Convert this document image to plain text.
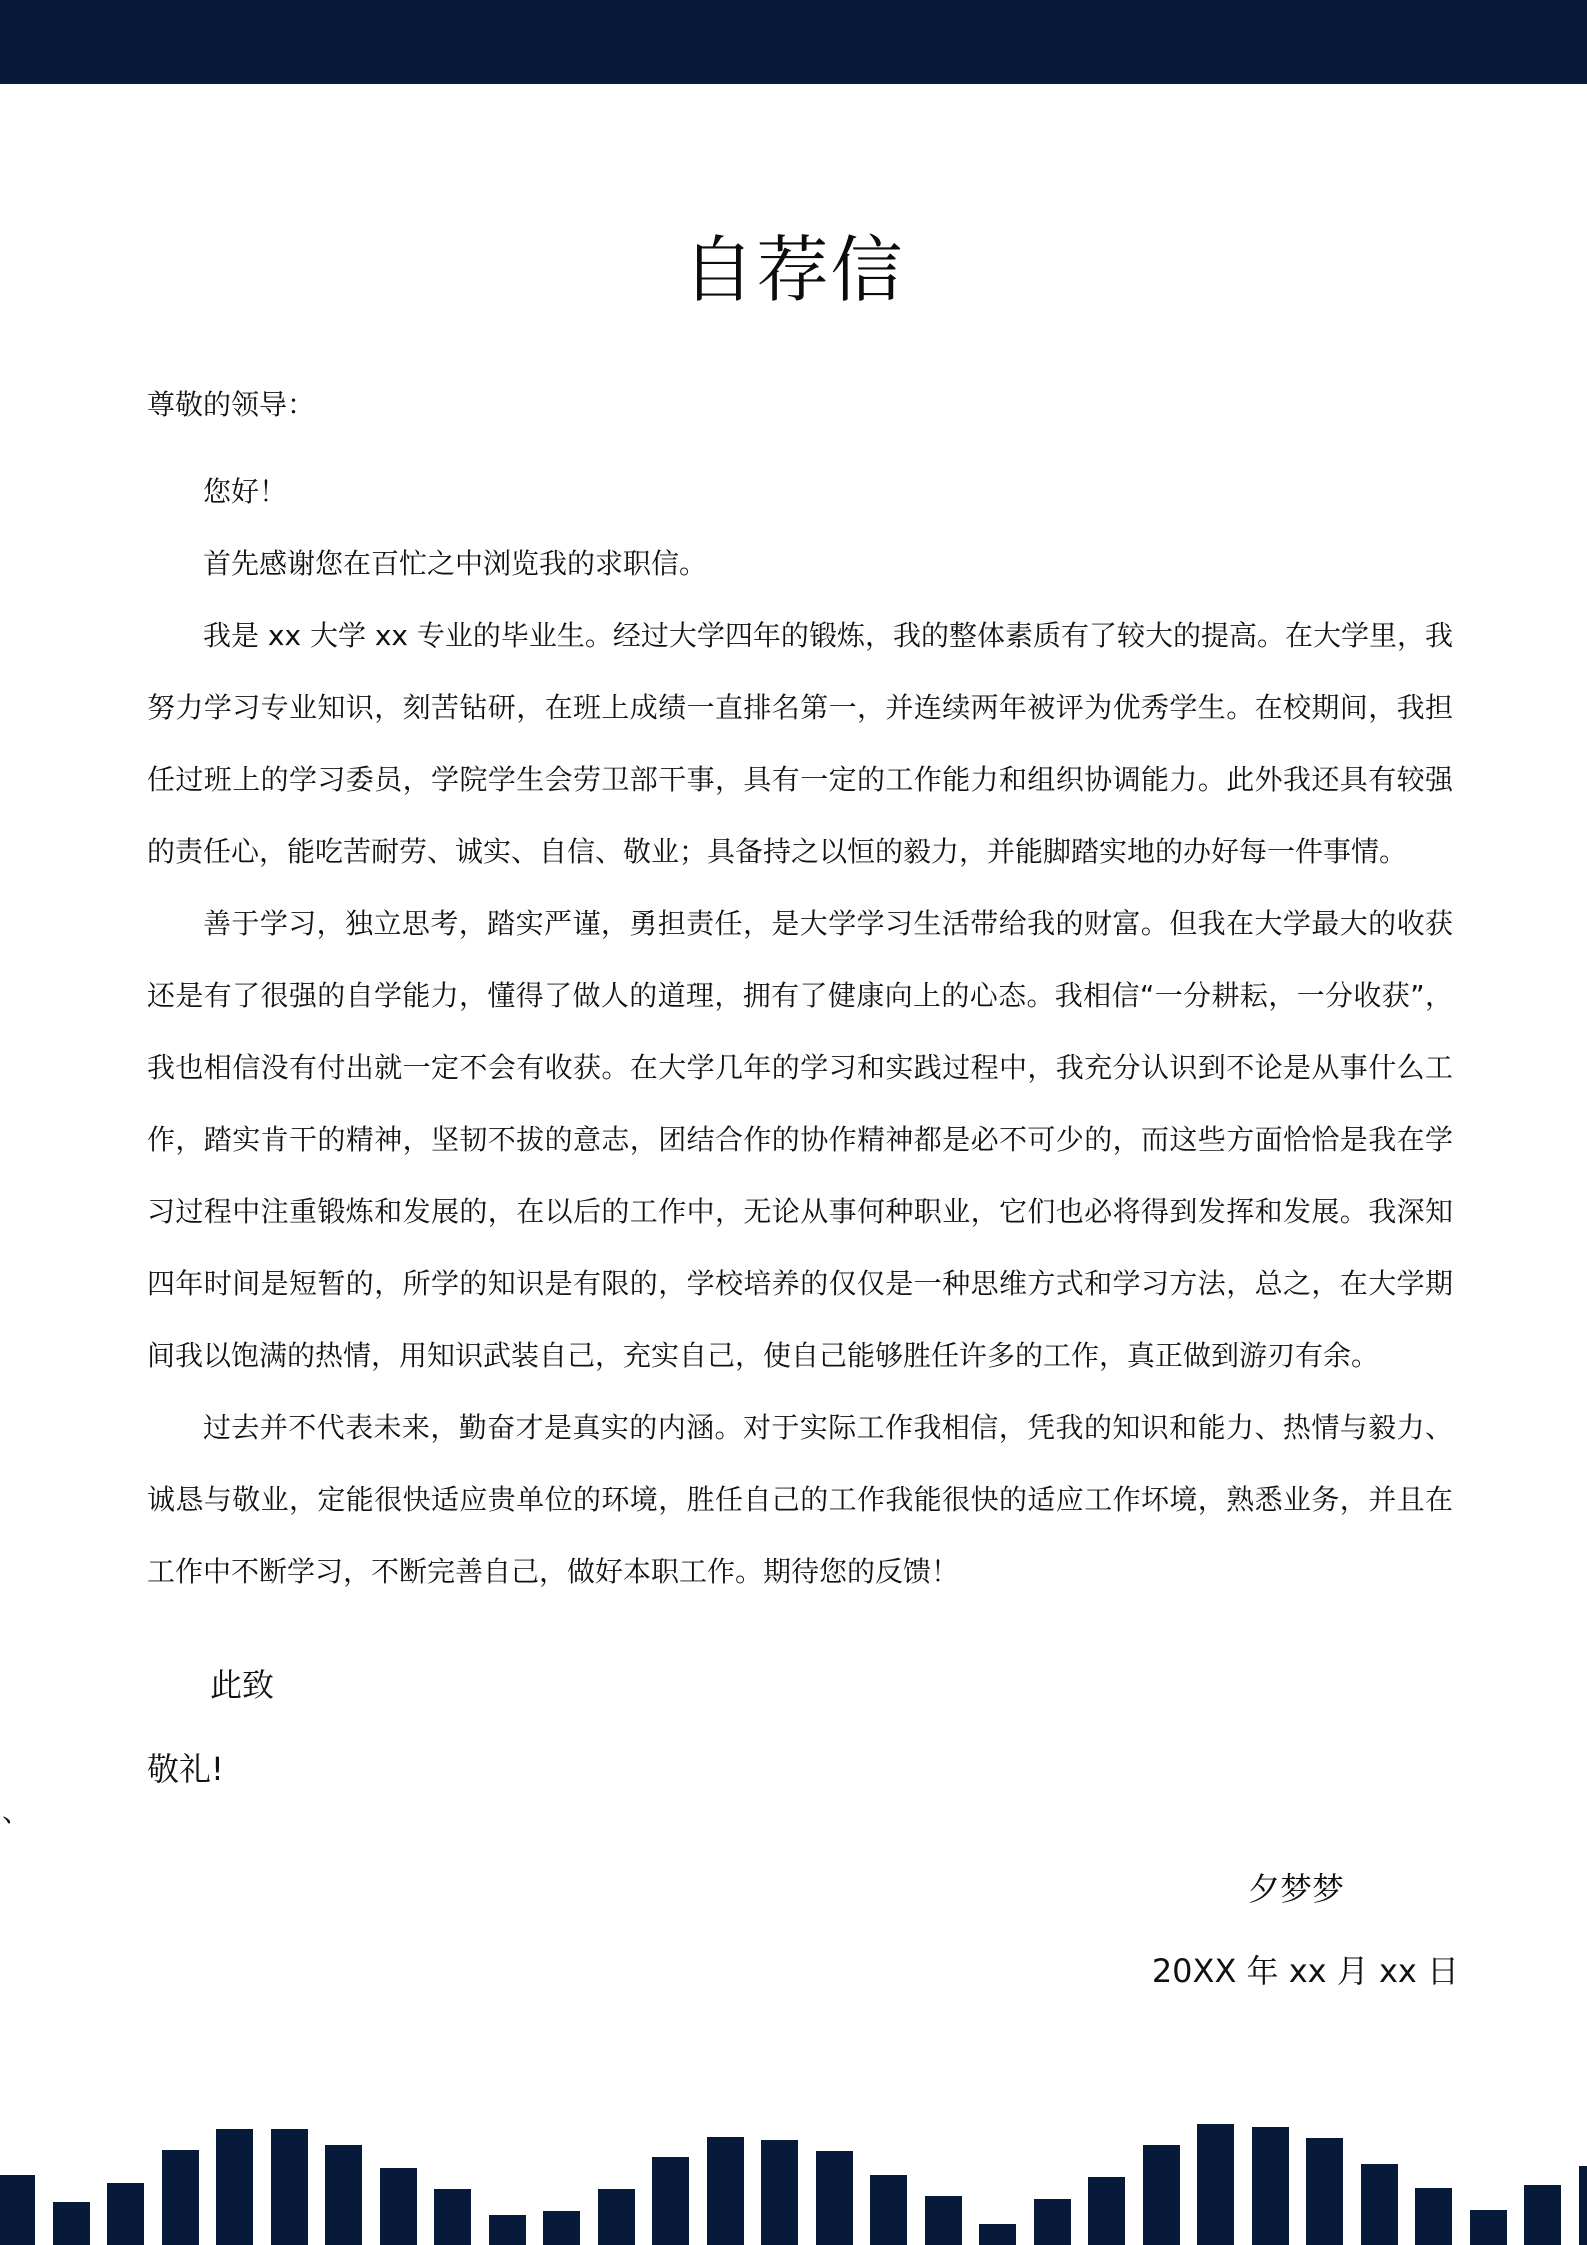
自荐信
尊敬的领导：

您好！

首先感谢您在百忙之中浏览我的求职信。

我是 xx 大学 xx 专业的毕业生。经过大学四年的锻炼，我的整体素质有了较大的提高。在大学里，我努力学习专业知识，刻苦钻研，在班上成绩一直排名第一，并连续两年被评为优秀学生。在校期间，我担任过班上的学习委员，学院学生会劳卫部干事，具有一定的工作能力和组织协调能力。此外我还具有较强的责任心，能吃苦耐劳、诚实、自信、敬业；具备持之以恒的毅力，并能脚踏实地的办好每一件事情。

善于学习，独立思考，踏实严谨，勇担责任，是大学学习生活带给我的财富。但我在大学最大的收获还是有了很强的自学能力，懂得了做人的道理，拥有了健康向上的心态。我相信“一分耕耘，一分收获”，我也相信没有付出就一定不会有收获。在大学几年的学习和实践过程中，我充分认识到不论是从事什么工作，踏实肯干的精神，坚韧不拔的意志，团结合作的协作精神都是必不可少的，而这些方面恰恰是我在学习过程中注重锻炼和发展的，在以后的工作中，无论从事何种职业，它们也必将得到发挥和发展。我深知四年时间是短暂的，所学的知识是有限的，学校培养的仅仅是一种思维方式和学习方法，总之，在大学期间我以饱满的热情，用知识武装自己，充实自己，使自己能够胜任许多的工作，真正做到游刃有余。

过去并不代表未来，勤奋才是真实的内涵。对于实际工作我相信，凭我的知识和能力、热情与毅力、诚恳与敬业，定能很快适应贵单位的环境，胜任自己的工作我能很快的适应工作坏境，熟悉业务，并且在工作中不断学习，不断完善自己，做好本职工作。期待您的反馈！

此致
敬礼!
、
夕梦梦
20XX 年 xx 月 xx 日
